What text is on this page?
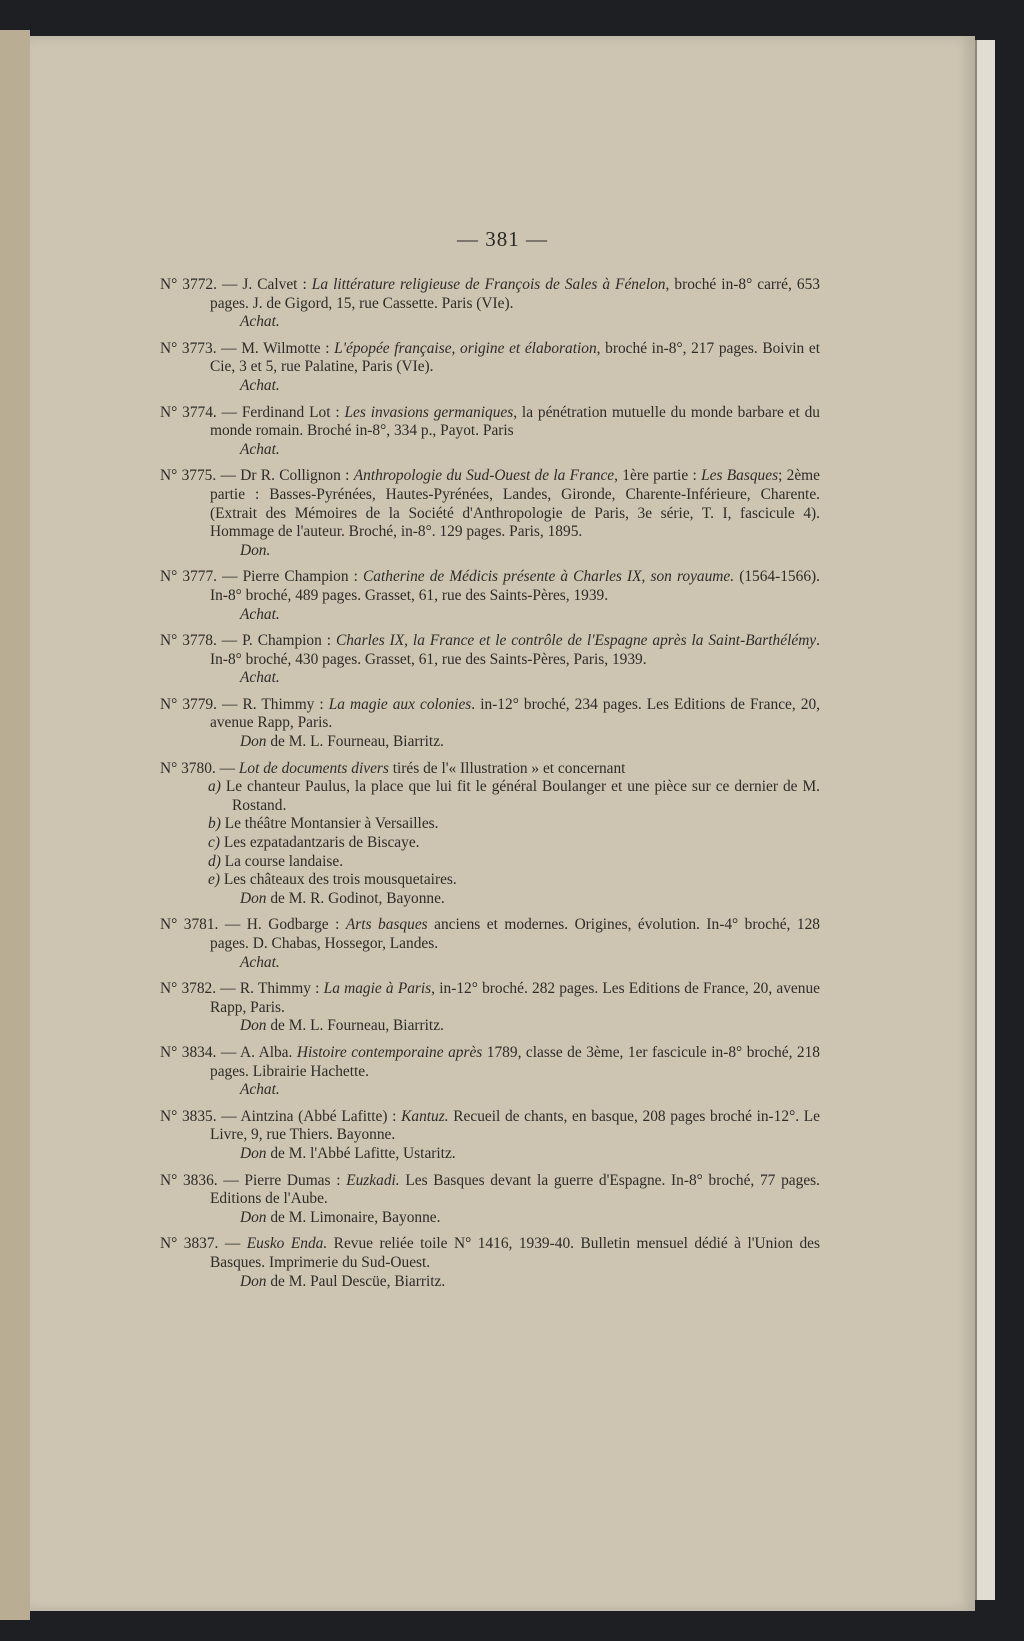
— 381 —
N° 3772. — J. Calvet : La littérature religieuse de François de Sales à Fénelon, broché in-8° carré, 653 pages. J. de Gigord, 15, rue Cassette. Paris (VIe).
Achat.
N° 3773. — M. Wilmotte : L'épopée française, origine et élaboration, broché in-8°, 217 pages. Boivin et Cie, 3 et 5, rue Palatine, Paris (VIe).
Achat.
N° 3774. — Ferdinand Lot : Les invasions germaniques, la pénétration mutuelle du monde barbare et du monde romain. Broché in-8°, 334 p., Payot. Paris
Achat.
N° 3775. — Dr R. Collignon : Anthropologie du Sud-Ouest de la France, 1ère partie : Les Basques; 2ème partie : Basses-Pyrénées, Hautes-Pyrénées, Landes, Gironde, Charente-Inférieure, Charente. (Extrait des Mémoires de la Société d'Anthropologie de Paris, 3e série, T. I, fascicule 4). Hommage de l'auteur. Broché, in-8°. 129 pages. Paris, 1895.
Don.
N° 3777. — Pierre Champion : Catherine de Médicis présente à Charles IX, son royaume. (1564-1566). In-8° broché, 489 pages. Grasset, 61, rue des Saints-Pères, 1939.
Achat.
N° 3778. — P. Champion : Charles IX, la France et le contrôle de l'Espagne après la Saint-Barthélémy. In-8° broché, 430 pages. Grasset, 61, rue des Saints-Pères, Paris, 1939.
Achat.
N° 3779. — R. Thimmy : La magie aux colonies. in-12° broché, 234 pages. Les Editions de France, 20, avenue Rapp, Paris.
Don de M. L. Fourneau, Biarritz.
N° 3780. — Lot de documents divers tirés de l'« Illustration » et concernant
a) Le chanteur Paulus, la place que lui fit le général Boulanger et une pièce sur ce dernier de M. Rostand.
b) Le théâtre Montansier à Versailles.
c) Les ezpatadantzaris de Biscaye.
d) La course landaise.
e) Les châteaux des trois mousquetaires.
Don de M. R. Godinot, Bayonne.
N° 3781. — H. Godbarge : Arts basques anciens et modernes. Origines, évolution. In-4° broché, 128 pages. D. Chabas, Hossegor, Landes.
Achat.
N° 3782. — R. Thimmy : La magie à Paris, in-12° broché. 282 pages. Les Editions de France, 20, avenue Rapp, Paris.
Don de M. L. Fourneau, Biarritz.
N° 3834. — A. Alba. Histoire contemporaine après 1789, classe de 3ème, 1er fascicule in-8° broché, 218 pages. Librairie Hachette.
Achat.
N° 3835. — Aintzina (Abbé Lafitte) : Kantuz. Recueil de chants, en basque, 208 pages broché in-12°. Le Livre, 9, rue Thiers. Bayonne.
Don de M. l'Abbé Lafitte, Ustaritz.
N° 3836. — Pierre Dumas : Euzkadi. Les Basques devant la guerre d'Espagne. In-8° broché, 77 pages. Editions de l'Aube.
Don de M. Limonaire, Bayonne.
N° 3837. — Eusko Enda. Revue reliée toile N° 1416, 1939-40. Bulletin mensuel dédié à l'Union des Basques. Imprimerie du Sud-Ouest.
Don de M. Paul Descüe, Biarritz.
